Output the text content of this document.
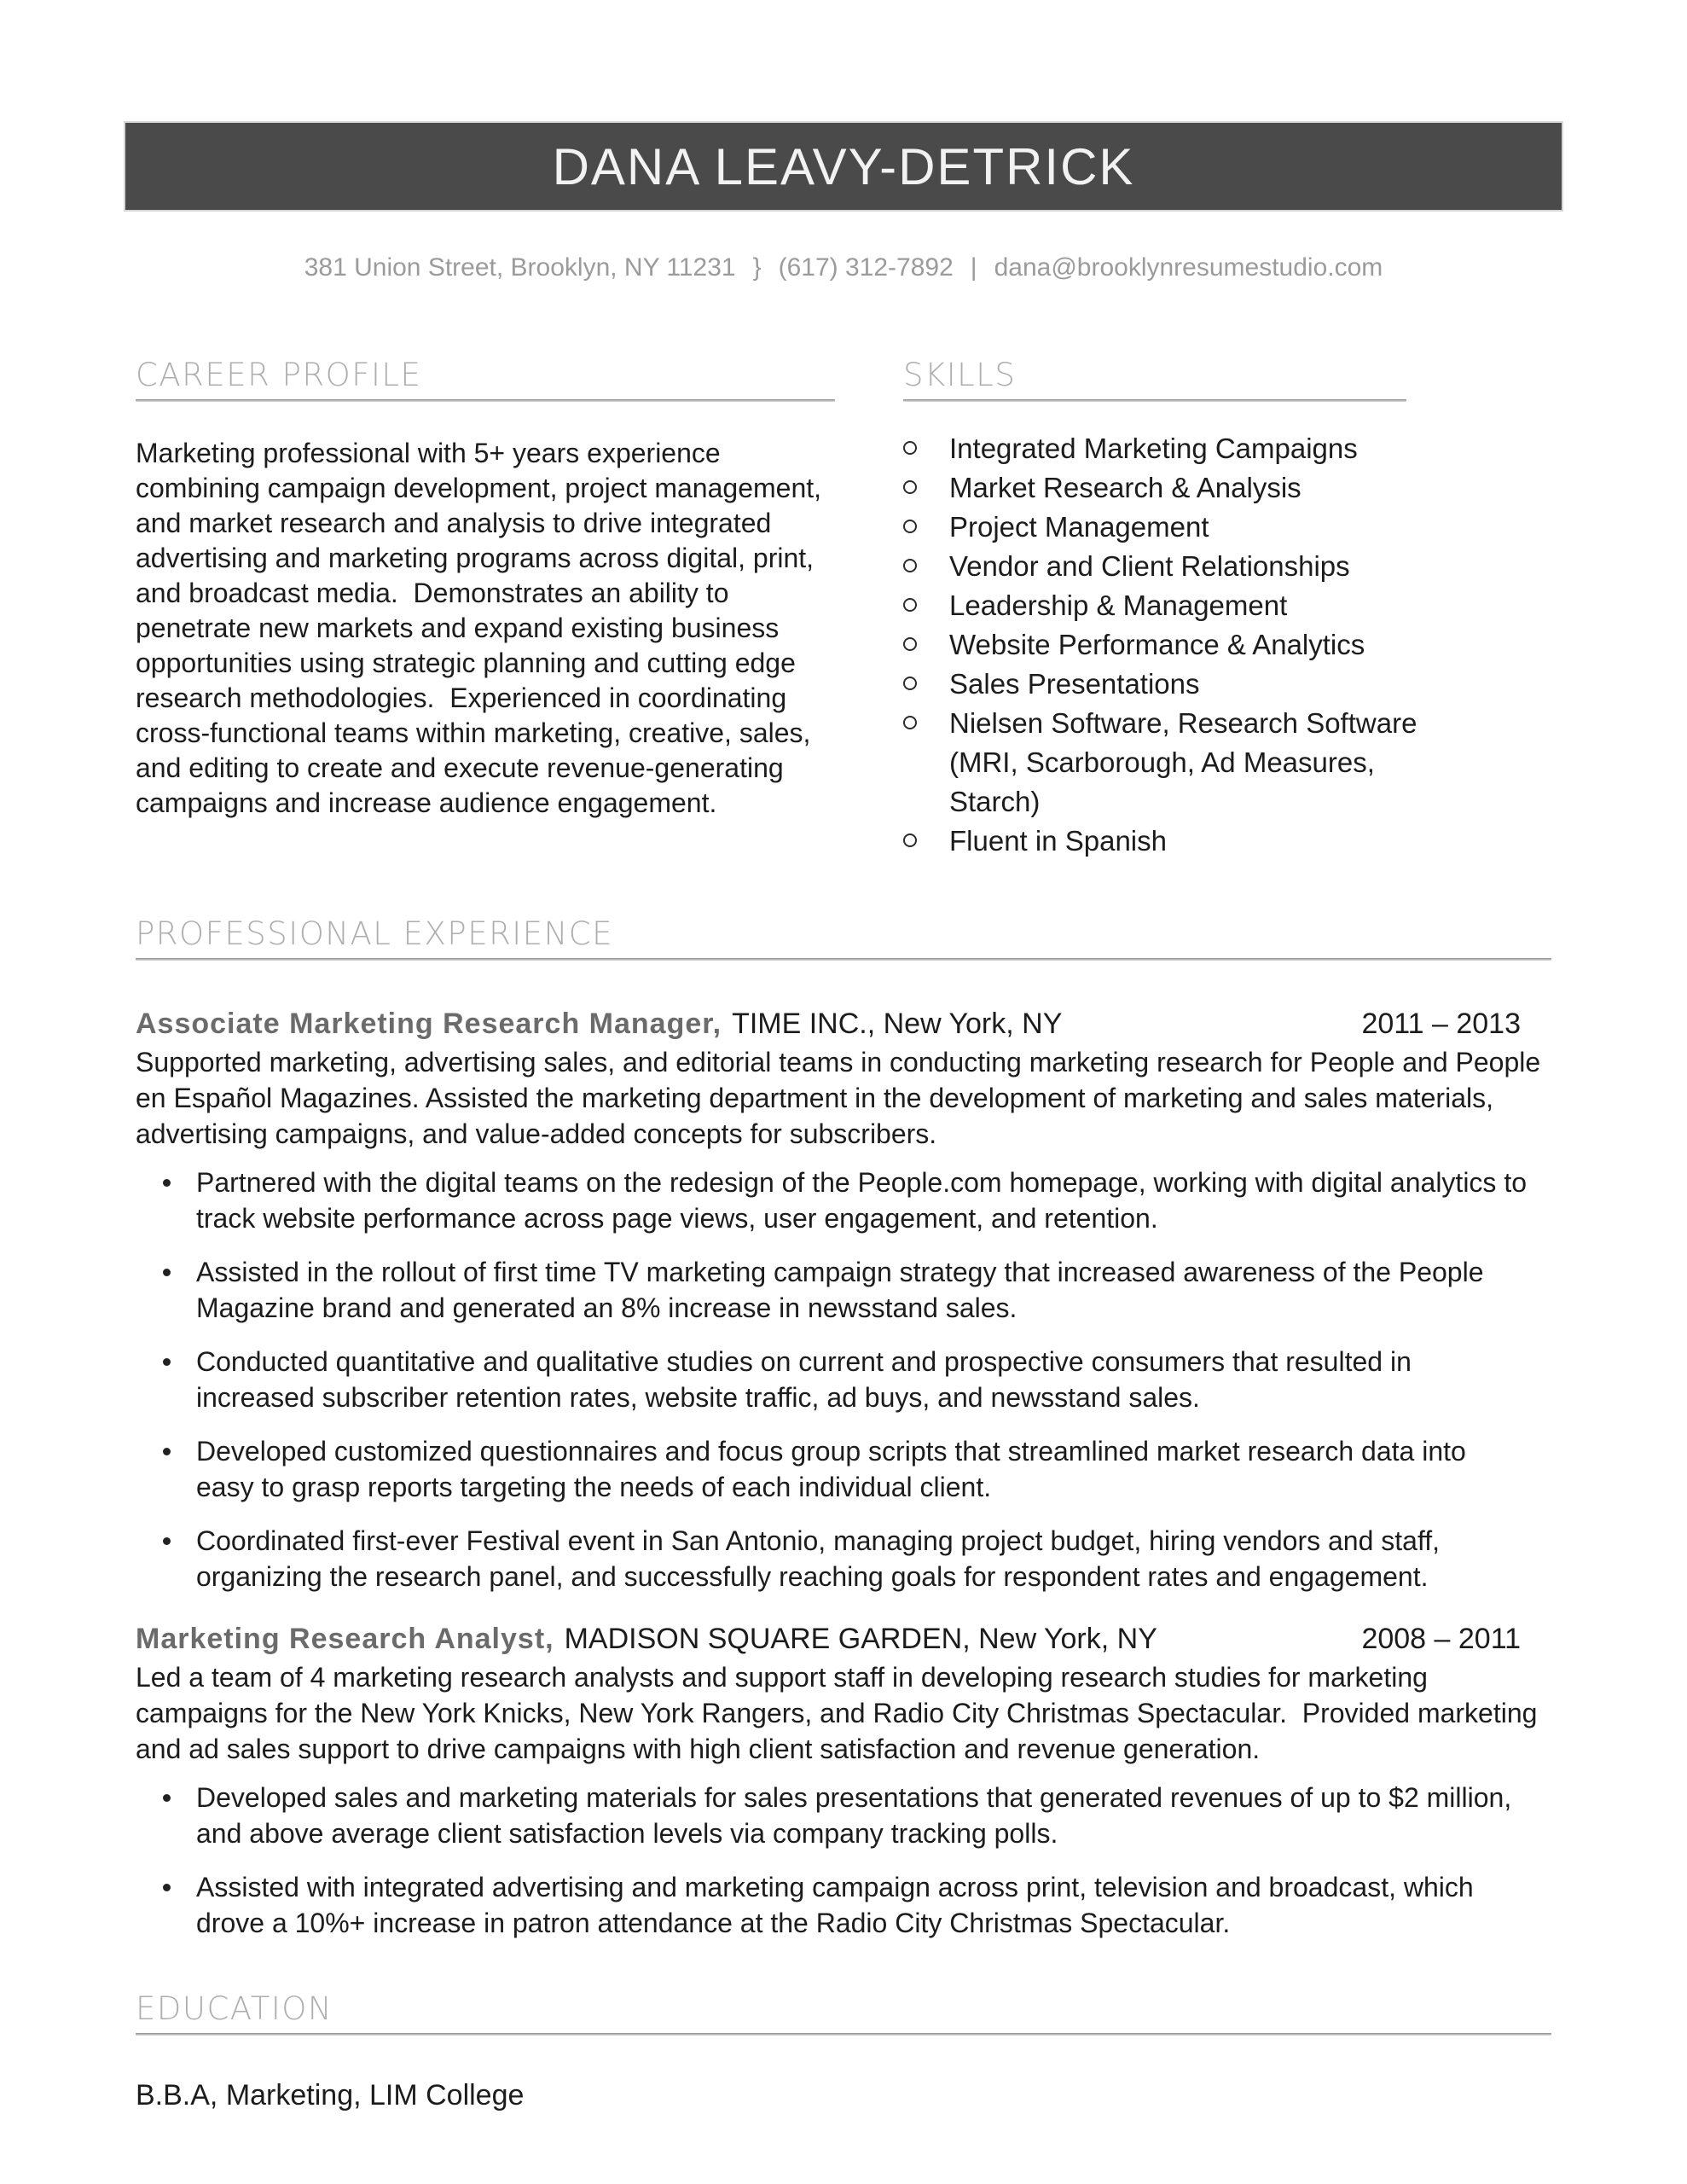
DANA LEAVY-DETRICK
381 Union Street, Brooklyn, NY 11231 } (617) 312-7892 | dana@brooklynresumestudio.com
CAREER PROFILE
Marketing professional with 5+ years experience combining campaign development, project management, and market research and analysis to drive integrated advertising and marketing programs across digital, print, and broadcast media.  Demonstrates an ability to penetrate new markets and expand existing business opportunities using strategic planning and cutting edge research methodologies.  Experienced in coordinating cross-functional teams within marketing, creative, sales, and editing to create and execute revenue-generating campaigns and increase audience engagement.
SKILLS
Integrated Marketing Campaigns
Market Research & Analysis
Project Management
Vendor and Client Relationships
Leadership & Management
Website Performance & Analytics
Sales Presentations
Nielsen Software, Research Software (MRI, Scarborough, Ad Measures, Starch)
Fluent in Spanish
PROFESSIONAL EXPERIENCE
Associate Marketing Research Manager, TIME INC., New York, NY	2011 – 2013
Supported marketing, advertising sales, and editorial teams in conducting marketing research for People and People en Español Magazines. Assisted the marketing department in the development of marketing and sales materials, advertising campaigns, and value-added concepts for subscribers.
Partnered with the digital teams on the redesign of the People.com homepage, working with digital analytics to track website performance across page views, user engagement, and retention.
Assisted in the rollout of first time TV marketing campaign strategy that increased awareness of the People Magazine brand and generated an 8% increase in newsstand sales.
Conducted quantitative and qualitative studies on current and prospective consumers that resulted in increased subscriber retention rates, website traffic, ad buys, and newsstand sales.
Developed customized questionnaires and focus group scripts that streamlined market research data into easy to grasp reports targeting the needs of each individual client.
Coordinated first-ever Festival event in San Antonio, managing project budget, hiring vendors and staff, organizing the research panel, and successfully reaching goals for respondent rates and engagement.
Marketing Research Analyst, MADISON SQUARE GARDEN, New York, NY	2008 – 2011
Led a team of 4 marketing research analysts and support staff in developing research studies for marketing campaigns for the New York Knicks, New York Rangers, and Radio City Christmas Spectacular.  Provided marketing and ad sales support to drive campaigns with high client satisfaction and revenue generation.
Developed sales and marketing materials for sales presentations that generated revenues of up to $2 million, and above average client satisfaction levels via company tracking polls.
Assisted with integrated advertising and marketing campaign across print, television and broadcast, which drove a 10%+ increase in patron attendance at the Radio City Christmas Spectacular.
EDUCATION
B.B.A, Marketing, LIM College
